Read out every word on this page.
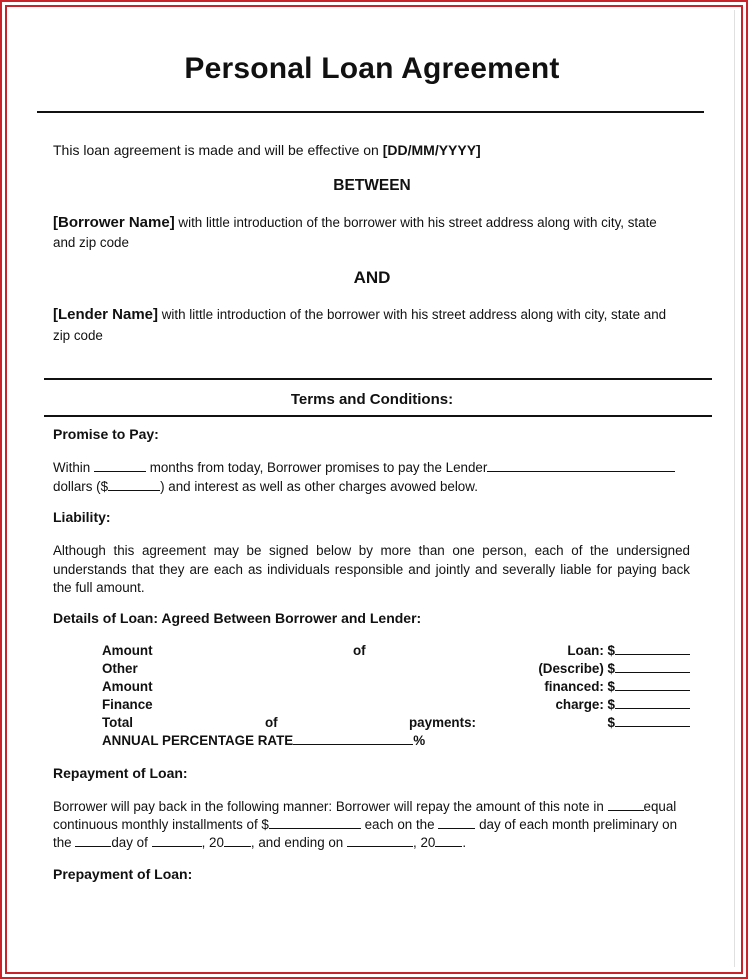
Personal Loan Agreement
This loan agreement is made and will be effective on [DD/MM/YYYY]
BETWEEN
[Borrower Name] with little introduction of the borrower with his street address along with city, state
and zip code
AND
[Lender Name] with little introduction of the borrower with his street address along with city, state and
zip code
Terms and Conditions:
Promise to Pay:
Within	months from today, Borrower promises to pay the Lender
dollars ($	) and interest as well as other charges avowed below.
Liability:
Although this agreement may be signed below by more than one person, each of the undersigned
understands that they are each as individuals responsible and jointly and severally liable for paying back
the full amount.
Details of Loan: Agreed Between Borrower and Lender:
Amount	of	Loan: $
Other	(Describe) $
Amount	financed: $
Finance	charge: $
Total	of	payments:	$
ANNUAL PERCENTAGE RATE	%
Repayment of Loan:
Borrower will pay back in the following manner: Borrower will repay the amount of this note in	equal
continuous monthly installments of $	each on the	day of each month preliminary on
the	day of	, 20 , and ending on	, 20 .
Prepayment of Loan:
